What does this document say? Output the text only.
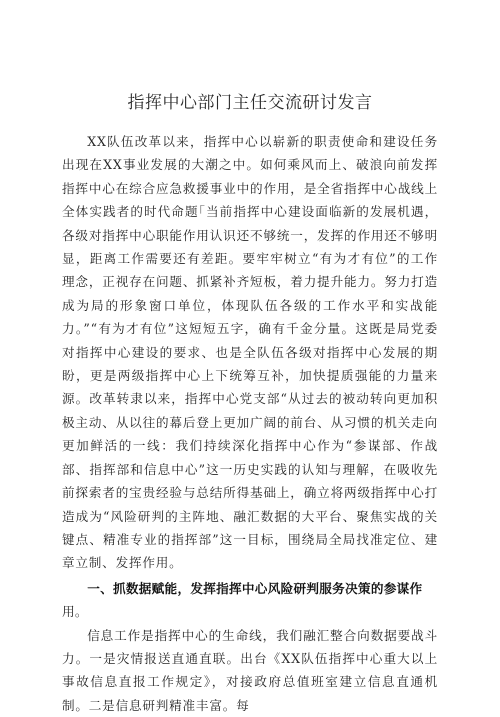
指挥中心部门主任交流研讨发言

XX队伍改革以来，指挥中心以崭新的职责使命和建设任务出现在XX事业发展的大潮之中。如何乘风而上、破浪向前发挥指挥中心在综合应急救援事业中的作用，是全省指挥中心战线上全体实践者的时代命题｢当前指挥中心建设面临新的发展机遇，各级对指挥中心职能作用认识还不够统一，发挥的作用还不够明显，距离工作需要还有差距。要牢牢树立“有为才有位”的工作理念，正视存在问题、抓紧补齐短板，着力提升能力。努力打造成为局的形象窗口单位，体现队伍各级的工作水平和实战能力。”“有为才有位”这短短五字，确有千金分量。这既是局党委对指挥中心建设的要求、也是全队伍各级对指挥中心发展的期盼，更是两级指挥中心上下统筹互补，加快提质强能的力量来源。改革转隶以来，指挥中心党支部“从过去的被动转向更加积极主动、从以往的幕后登上更加广阔的前台、从习惯的机关走向更加鲜活的一线：我们持续深化指挥中心作为“参谋部、作战部、指挥部和信息中心”这一历史实践的认知与理解，在吸收先前探索者的宝贵经验与总结所得基础上，确立将两级指挥中心打造成为“风险研判的主阵地、融汇数据的大平台、聚焦实战的关键点、精准专业的指挥部”这一目标，围绕局全局找准定位、建章立制、发挥作用。

一、抓数据赋能，发挥指挥中心风险研判服务决策的参谋作用。

信息工作是指挥中心的生命线，我们融汇整合向数据要战斗力。一是灾情报送直通直联。出台《XX队伍指挥中心重大以上事故信息直报工作规定》，对接政府总值班室建立信息直通机制。二是信息研判精准丰富。每
